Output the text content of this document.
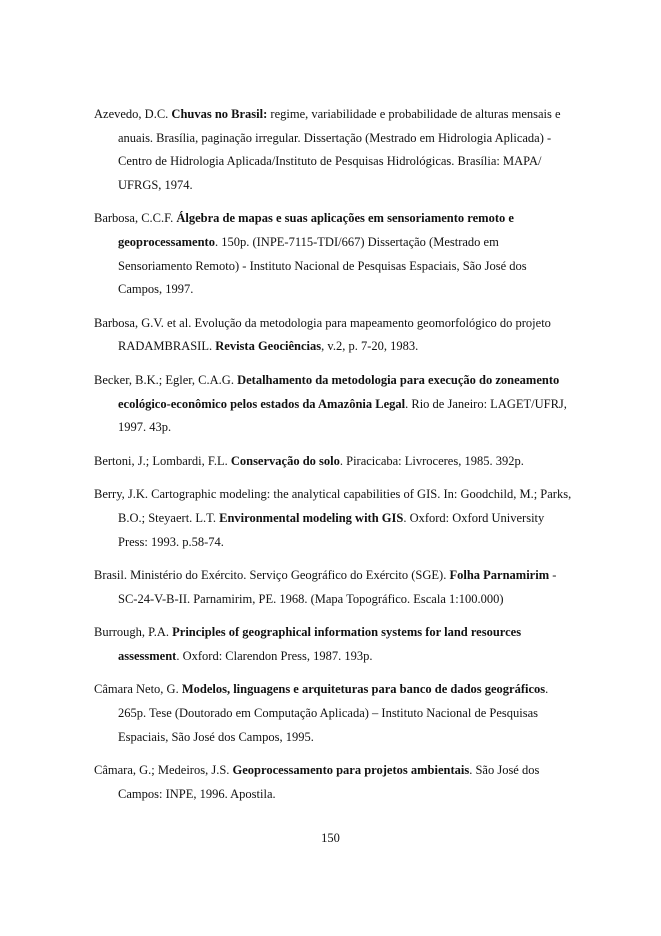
Azevedo, D.C. Chuvas no Brasil: regime, variabilidade e probabilidade de alturas mensais e anuais. Brasília, paginação irregular. Dissertação (Mestrado em Hidrologia Aplicada) - Centro de Hidrologia Aplicada/Instituto de Pesquisas Hidrológicas. Brasília: MAPA/ UFRGS, 1974.

Barbosa, C.C.F. Álgebra de mapas e suas aplicações em sensoriamento remoto e geoprocessamento. 150p. (INPE-7115-TDI/667) Dissertação (Mestrado em Sensoriamento Remoto) - Instituto Nacional de Pesquisas Espaciais, São José dos Campos, 1997.

Barbosa, G.V. et al. Evolução da metodologia para mapeamento geomorfológico do projeto RADAMBRASIL. Revista Geociências, v.2, p. 7-20, 1983.

Becker, B.K.; Egler, C.A.G. Detalhamento da metodologia para execução do zoneamento ecológico-econômico pelos estados da Amazônia Legal. Rio de Janeiro: LAGET/UFRJ, 1997. 43p.

Bertoni, J.; Lombardi, F.L. Conservação do solo. Piracicaba: Livroceres, 1985. 392p.

Berry, J.K. Cartographic modeling: the analytical capabilities of GIS. In: Goodchild, M.; Parks, B.O.; Steyaert. L.T. Environmental modeling with GIS. Oxford: Oxford University Press: 1993. p.58-74.

Brasil. Ministério do Exército. Serviço Geográfico do Exército (SGE). Folha Parnamirim - SC-24-V-B-II. Parnamirim, PE. 1968. (Mapa Topográfico. Escala 1:100.000)

Burrough, P.A. Principles of geographical information systems for land resources assessment. Oxford: Clarendon Press, 1987. 193p.

Câmara Neto, G. Modelos, linguagens e arquiteturas para banco de dados geográficos. 265p. Tese (Doutorado em Computação Aplicada) – Instituto Nacional de Pesquisas Espaciais, São José dos Campos, 1995.

Câmara, G.; Medeiros, J.S. Geoprocessamento para projetos ambientais. São José dos Campos: INPE, 1996. Apostila.

150
